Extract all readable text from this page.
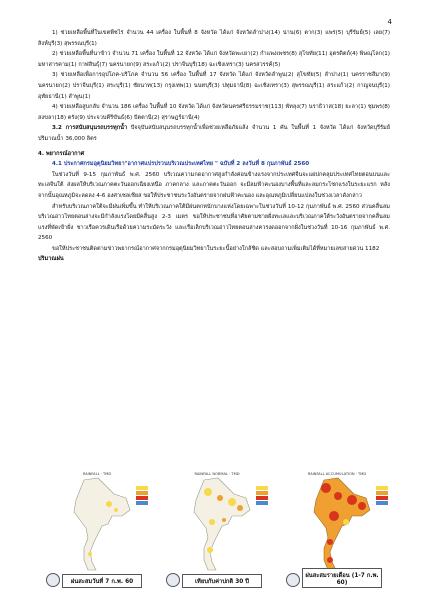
4

1) ช่วยเหลือพื้นที่ในเขตพืชไร่ จำนวน 44 เครื่อง ในพื้นที่ 8 จังหวัด ได้แก่ จังหวัดลำปาง(14) น่าน(6) ตาก(3) แพร่(5) บุรีรัมย์(5) เลย(7) สิงห์บุรี(3) สุพรรณบุรี(1)

2) ช่วยเหลือพื้นที่นาข้าว จำนวน 71 เครื่อง ในพื้นที่ 12 จังหวัด ได้แก่ จังหวัดพะเยา(2) กำแพงเพชร(8) สุโขทัย(11) อุตรดิตถ์(4) พิษณุโลก(1) มหาสารคาม(1) กาฬสินธุ์(7) นครนายก(9) สระแก้ว(2) ปราจีนบุรี(18) ฉะเชิงเทรา(3) นครสวรรค์(5)

3) ช่วยเหลือเพื่อการอุปโภค-บริโภค จำนวน 56 เครื่อง ในพื้นที่ 17 จังหวัด ได้แก่ จังหวัดลำพูน(2) สุโขทัย(5) ลำปาง(1) นครราชสีมา(9) นครนายก(2) ปราจีนบุรี(1) สระบุรี(1) ชัยนาท(13) กรุงเทพ(1) นนทบุรี(3) ปทุมธานี(8) ฉะเชิงเทรา(3) สุพรรณบุรี(1) สระแก้ว(2) กาญจนบุรี(1) อุทัยธานี(1) ลำพูน(1)

4) ช่วยเหลือสูบกลับ จำนวน 186 เครื่อง ในพื้นที่ 10 จังหวัด ได้แก่ จังหวัดนครศรีธรรมราช(113) พัทลุง(7) นราธิวาส(18) ยะลา(1) ชุมพร(8) สงขลา(18) ตรัง(9) ประจวบคีรีขันธ์(6) ปัตตานี(2) สุราษฎร์ธานี(4)

3.2 การสนับสนุนรถบรรทุกน้ำ ปัจจุบันสนับสนุนรถบรรทุกน้ำเพื่อช่วยเหลือภัยแล้ง จำนวน 1 คัน ในพื้นที่ 1 จังหวัด ได้แก่ จังหวัดบุรีรัมย์ ปริมาณน้ำ 36,000 ลิตร

4. พยากรณ์อากาศ

4.1 ประกาศกรมอุตุนิยมวิทยา"อากาศแปรปรวนบริเวณประเทศไทย " ฉบับที่ 2 ลงวันที่ 8 กุมภาพันธ์ 2560

ในช่วงวันที่ 9-15 กุมภาพันธ์ พ.ศ. 2560 บริเวณความกดอากาศสูงกำลังค่อนข้างแรงจากประเทศจีนจะแผ่ปกคลุมประเทศไทยตอนบนและทะเลจีนใต้ ส่งผลให้บริเวณภาคตะวันออกเฉียงเหนือ ภาคกลาง และภาคตะวันออก จะมีลมฟ้าคะนองบางพื้นที่และลมกระโชกแรงในระยะแรก หลังจากนั้นอุณหภูมิจะลดลง 4-6 องศาเซลเซียส ขอให้ประชาชนระวังอันตรายจากฝนฟ้าคะนอง และอุณหภูมิเปลี่ยนแปลงในช่วงเวลาดังกล่าว

สำหรับบริเวณภาคใต้จะมีฝนเพิ่มขึ้น ทำให้บริเวณภาคใต้มีฝนตกหนักบางแห่งโดยเฉพาะในช่วงวันที่ 10-12 กุมภาพันธ์ พ.ศ. 2560 ส่วนคลื่นลมบริเวณอ่าวไทยตอนล่างจะมีกำลังแรงโดยมีคลื่นสูง 2-3 เมตร ขอให้ประชาชนที่อาศัยตามชายฝั่งทะเลและบริเวณภาคใต้ระวังอันตรายจากคลื่นลมแรงที่พัดเข้าฝั่ง ชาวเรือควรเดินเรือด้วยความระมัดระวัง และเรือเล็กบริเวณอ่าวไทยตอนล่างควรงดออกจากฝั่งในช่วงวันที่ 10-16 กุมภาพันธ์ พ.ศ. 2560

ขอให้ประชาชนติดตามข่าวพยากรณ์อากาศจากกรมอุตุนิยมวิทยาในระยะนี้อย่างใกล้ชิด และสอบถามเพิ่มเติมได้ที่หมายเลขสายด่วน 1182

ปริมาณฝน

RAINFALL · TMD
ฝนสะสมวันที่ 7 ก.พ. 60
RAINFALL NORMAL · TMD
เทียบกับค่าปกติ 30 ปี
RAINFALL ACCUMULATION · TMD
ฝนสะสมรายเดือน (1-7 ก.พ. 60)
